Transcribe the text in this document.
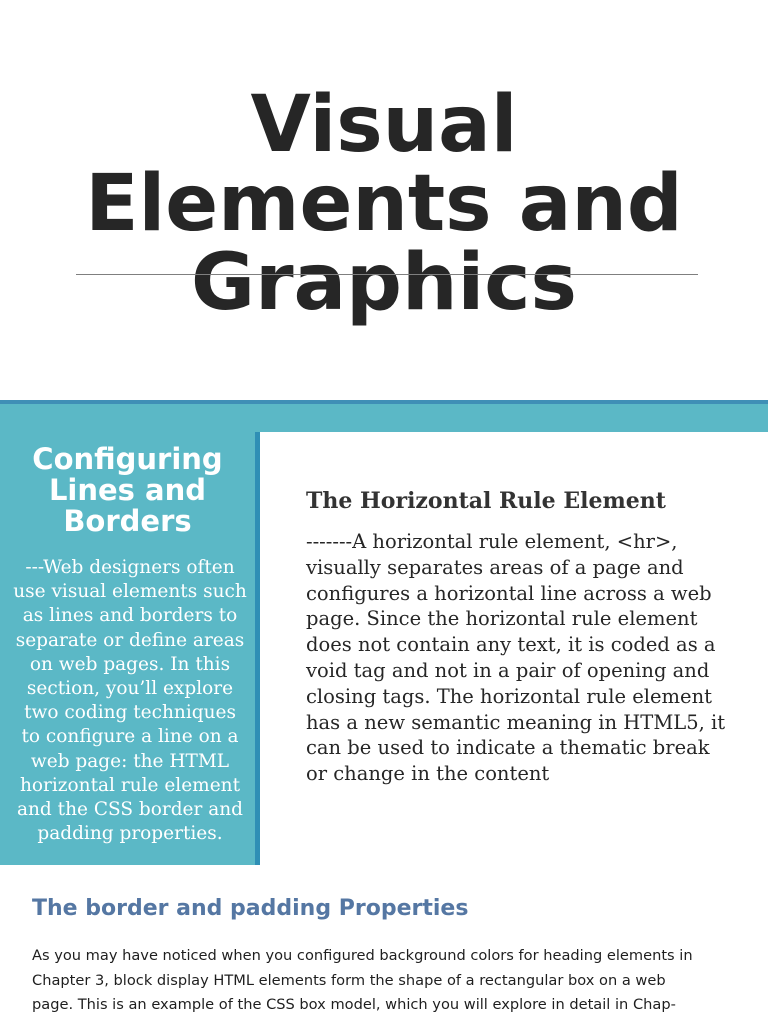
Visual
Elements and
Graphics
Configuring
Lines and
Borders

---Web designers often use visual elements such as lines and borders to separate or define areas on web pages. In this section, you’ll explore two coding techniques to configure a line on a web page: the HTML horizontal rule element and the CSS border and padding properties.

The Horizontal Rule Element

-------A horizontal rule element, <hr>, visually separates areas of a page and configures a horizontal line across a web page. Since the horizontal rule element does not contain any text, it is coded as a void tag and not in a pair of opening and closing tags. The horizontal rule element has a new semantic meaning in HTML5, it can be used to indicate a thematic break or change in the content

The border and padding Properties
As you may have noticed when you configured background colors for heading elements in
Chapter 3, block display HTML elements form the shape of a rectangular box on a web
page. This is an example of the CSS box model, which you will explore in detail in Chap-
